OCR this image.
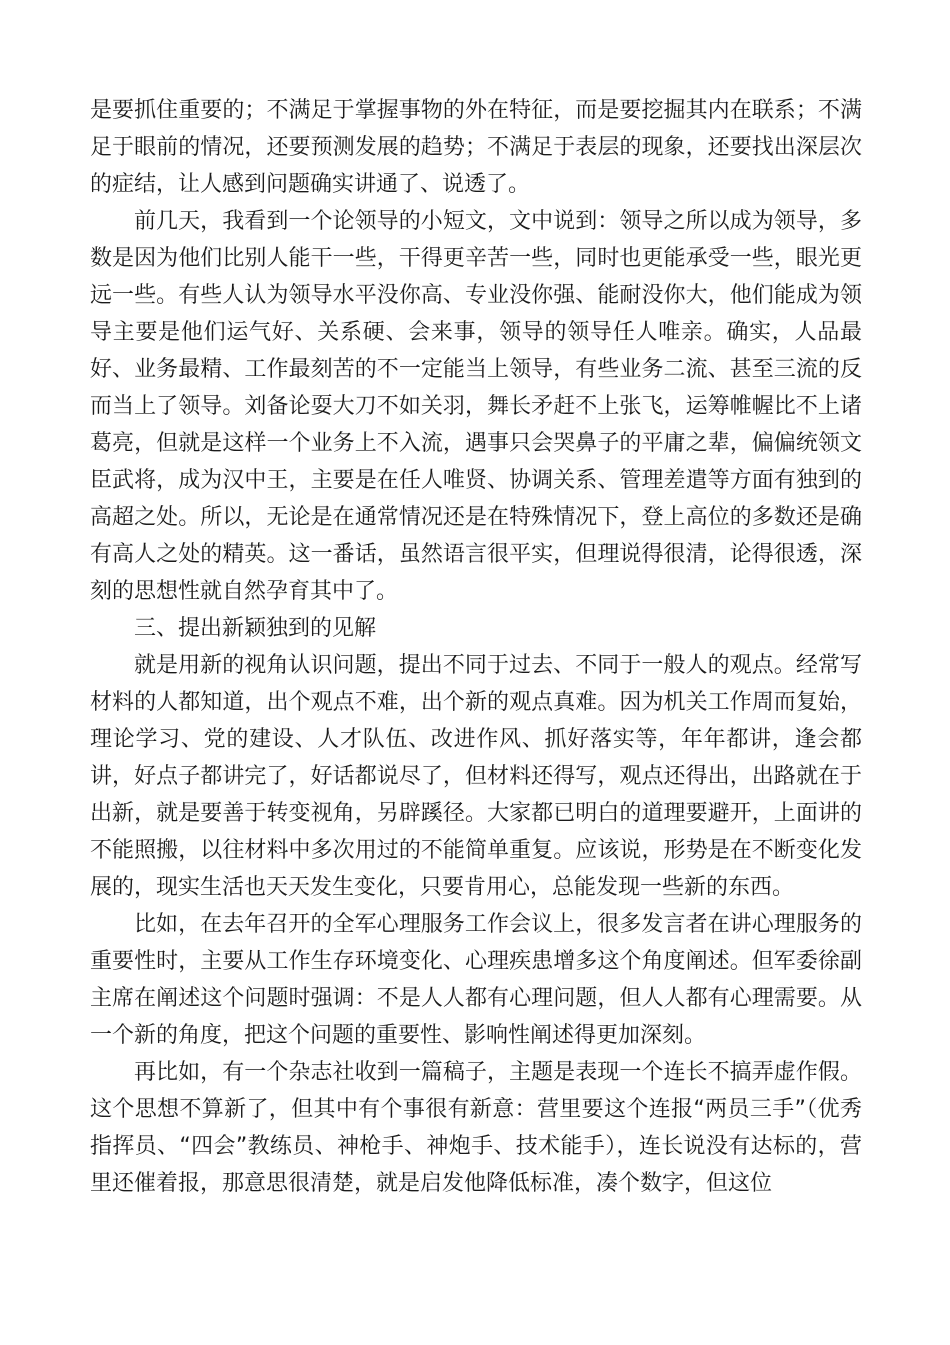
是要抓住重要的；不满足于掌握事物的外在特征，而是要挖掘其内在联系；不满足于眼前的情况，还要预测发展的趋势；不满足于表层的现象，还要找出深层次的症结，让人感到问题确实讲通了、说透了。

前几天，我看到一个论领导的小短文，文中说到：领导之所以成为领导，多数是因为他们比别人能干一些，干得更辛苦一些，同时也更能承受一些，眼光更远一些。有些人认为领导水平没你高、专业没你强、能耐没你大，他们能成为领导主要是他们运气好、关系硬、会来事，领导的领导任人唯亲。确实，人品最好、业务最精、工作最刻苦的不一定能当上领导，有些业务二流、甚至三流的反而当上了领导。刘备论耍大刀不如关羽，舞长矛赶不上张飞，运筹帷幄比不上诸葛亮，但就是这样一个业务上不入流，遇事只会哭鼻子的平庸之辈，偏偏统领文臣武将，成为汉中王，主要是在任人唯贤、协调关系、管理差遣等方面有独到的高超之处。所以，无论是在通常情况还是在特殊情况下，登上高位的多数还是确有高人之处的精英。这一番话，虽然语言很平实，但理说得很清，论得很透，深刻的思想性就自然孕育其中了。

三、提出新颖独到的见解

就是用新的视角认识问题，提出不同于过去、不同于一般人的观点。经常写材料的人都知道，出个观点不难，出个新的观点真难。因为机关工作周而复始，理论学习、党的建设、人才队伍、改进作风、抓好落实等，年年都讲，逢会都讲，好点子都讲完了，好话都说尽了，但材料还得写，观点还得出，出路就在于出新，就是要善于转变视角，另辟蹊径。大家都已明白的道理要避开，上面讲的不能照搬，以往材料中多次用过的不能简单重复。应该说，形势是在不断变化发展的，现实生活也天天发生变化，只要肯用心，总能发现一些新的东西。

比如，在去年召开的全军心理服务工作会议上，很多发言者在讲心理服务的重要性时，主要从工作生存环境变化、心理疾患增多这个角度阐述。但军委徐副主席在阐述这个问题时强调：不是人人都有心理问题，但人人都有心理需要。从一个新的角度，把这个问题的重要性、影响性阐述得更加深刻。

再比如，有一个杂志社收到一篇稿子，主题是表现一个连长不搞弄虚作假。这个思想不算新了，但其中有个事很有新意：营里要这个连报“两员三手”（优秀指挥员、“四会”教练员、神枪手、神炮手、技术能手），连长说没有达标的，营里还催着报，那意思很清楚，就是启发他降低标准，凑个数字，但这位
